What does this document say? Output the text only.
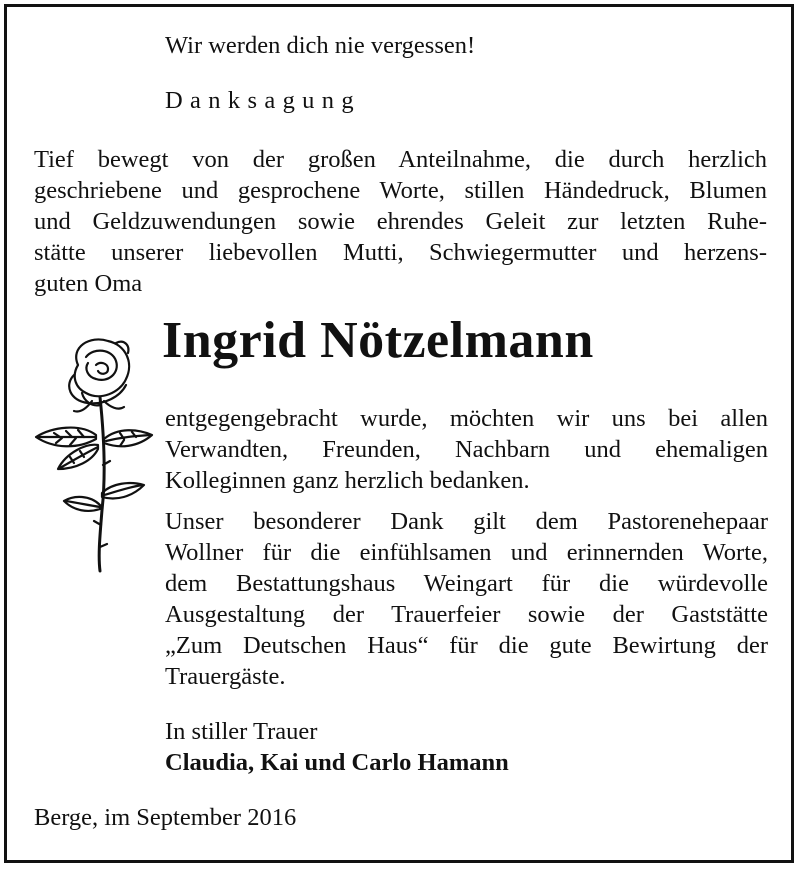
Wir werden dich nie vergessen!

Danksagung

Tief bewegt von der großen Anteilnahme, die durch herzlich
geschriebene und gesprochene Worte, stillen Händedruck, Blumen
und Geldzuwendungen sowie ehrendes Geleit zur letzten Ruhe-
stätte unserer liebevollen Mutti, Schwiegermutter und herzens-
guten Oma

Ingrid Nötzelmann

entgegengebracht wurde, möchten wir uns bei allen
Verwandten, Freunden, Nachbarn und ehemaligen
Kolleginnen ganz herzlich bedanken.

Unser besonderer Dank gilt dem Pastorenehepaar
Wollner für die einfühlsamen und erinnernden Worte,
dem Bestattungshaus Weingart für die würdevolle
Ausgestaltung der Trauerfeier sowie der Gaststätte
„Zum Deutschen Haus“ für die gute Bewirtung der
Trauergäste.

In stiller Trauer

Claudia, Kai und Carlo Hamann

Berge, im September 2016
